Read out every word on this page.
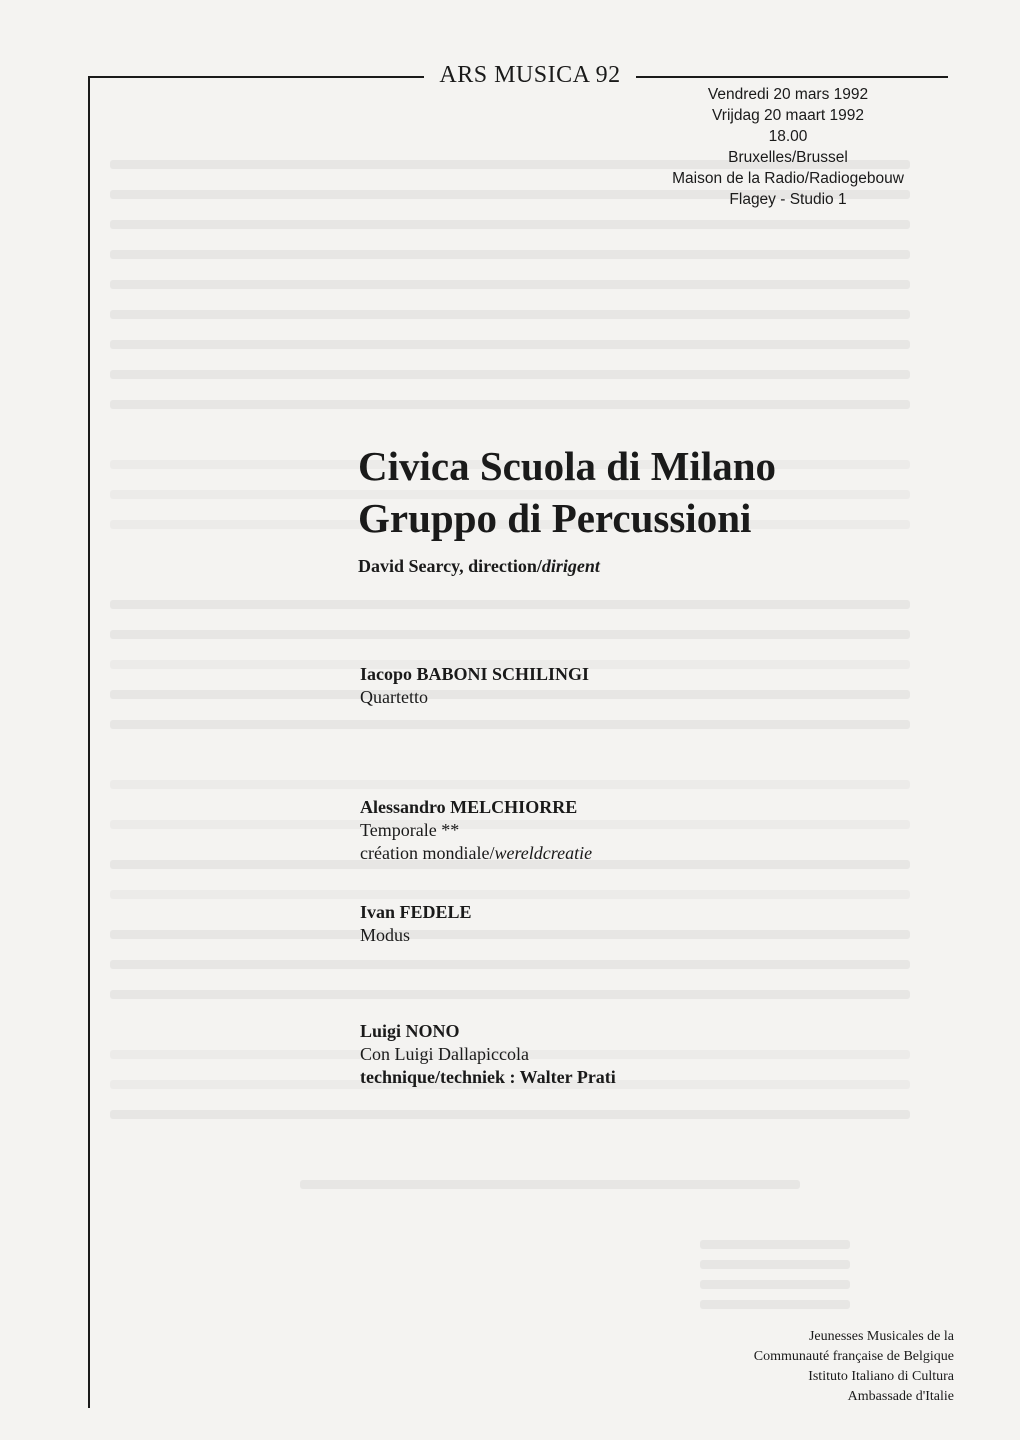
ARS MUSICA 92
Vendredi 20 mars 1992
Vrijdag 20 maart 1992
18.00
Bruxelles/Brussel
Maison de la Radio/Radiogebouw
Flagey - Studio 1
Civica Scuola di Milano
Gruppo di Percussioni
David Searcy, direction/dirigent
Iacopo BABONI SCHILINGI
Quartetto
Alessandro MELCHIORRE
Temporale **
création mondiale/wereldcreatie
Ivan FEDELE
Modus
Luigi NONO
Con Luigi Dallapiccola
technique/techniek : Walter Prati
Jeunesses Musicales de la
Communauté française de Belgique
Istituto Italiano di Cultura
Ambassade d'Italie
